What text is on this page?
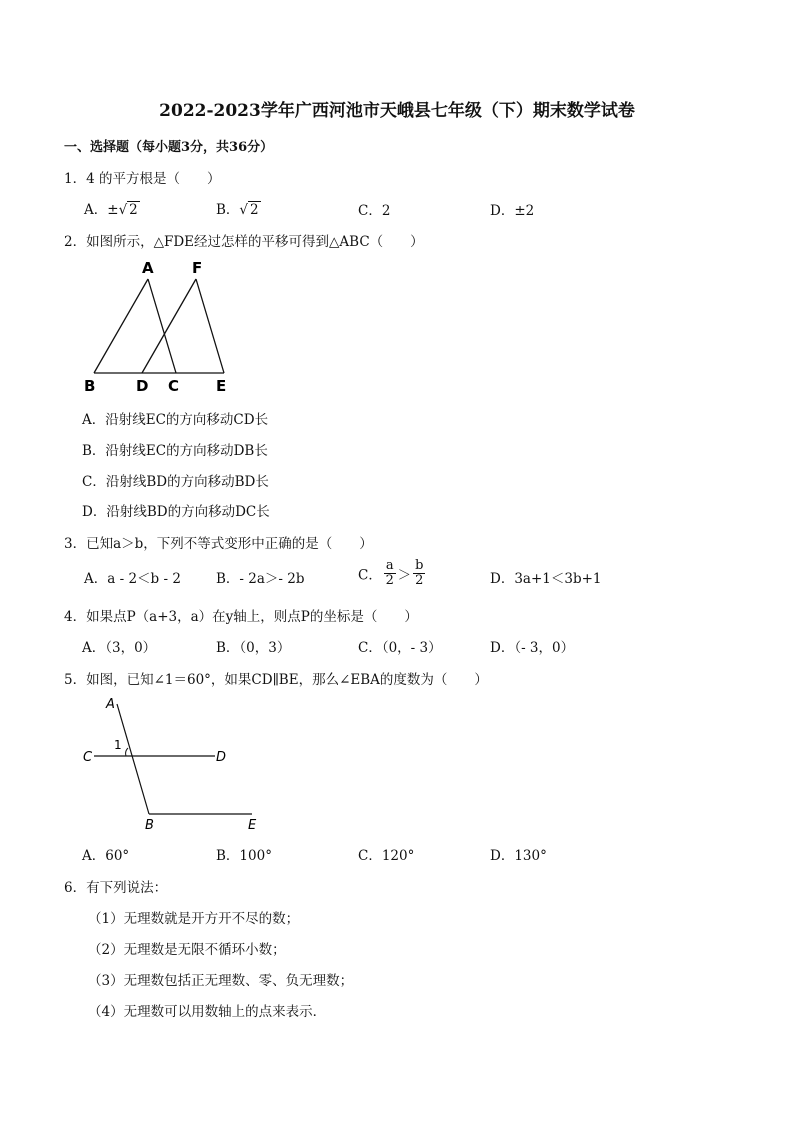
2022-2023学年广西河池市天峨县七年级（下）期末数学试卷
一、选择题（每小题3分，共36分）
1．4 的平方根是（　　）
A．±√ 2	B．√ 2	C．2	D．±2
2．如图所示，△FDE经过怎样的平移可得到△ABC（　　）
A	F
B	D C E
A．沿射线EC的方向移动CD长
B．沿射线EC的方向移动DB长
C．沿射线BD的方向移动BD长
D．沿射线BD的方向移动DC长
3．已知a＞b，下列不等式变形中正确的是（　　）
A．a - 2＜b - 2	B．- 2a＞- 2b	C． $\frac{a}{2} > \frac{b}{2}$	D．3a+1＜3b+1
4．如果点P（a+3，a）在y轴上，则点P的坐标是（　　）
A．（3，0）	B．（0，3）	C．（0，- 3）	D．（- 3，0）
5．如图，已知∠1＝60°，如果CD∥BE，那么∠EBA的度数为（　　）
A
1
C	D
B	E
A．60°	B．100°	C．120°	D．130°
6．有下列说法：
（1）无理数就是开方开不尽的数；
（2）无理数是无限不循环小数；
（3）无理数包括正无理数、零、负无理数；
（4）无理数可以用数轴上的点来表示．
